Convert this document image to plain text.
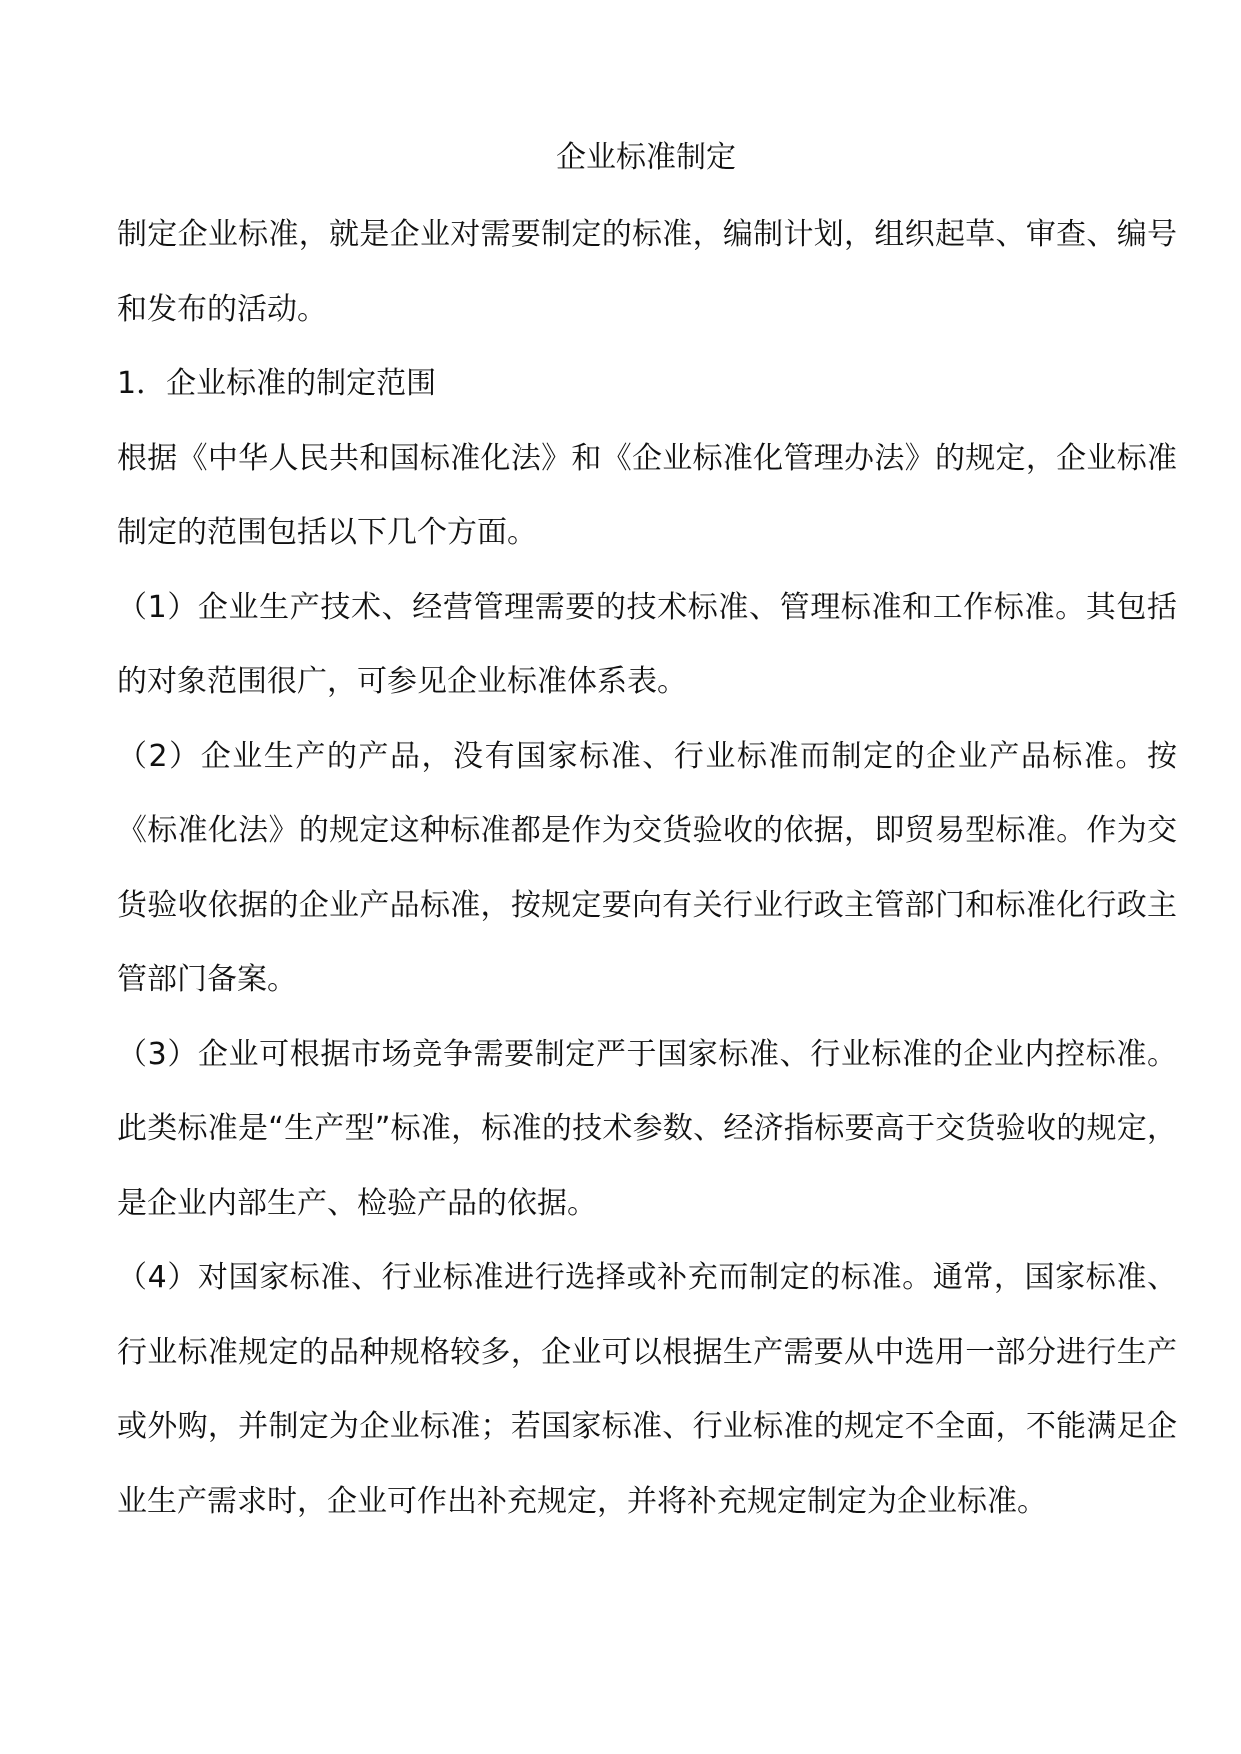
企业标准制定

制定企业标准，就是企业对需要制定的标准，编制计划，组织起草、审查、编号和发布的活动。

1．企业标准的制定范围

根据《中华人民共和国标准化法》和《企业标准化管理办法》的规定，企业标准制定的范围包括以下几个方面。

（1）企业生产技术、经营管理需要的技术标准、管理标准和工作标准。其包括的对象范围很广，可参见企业标准体系表。

（2）企业生产的产品，没有国家标准、行业标准而制定的企业产品标准。按《标准化法》的规定这种标准都是作为交货验收的依据，即贸易型标准。作为交货验收依据的企业产品标准，按规定要向有关行业行政主管部门和标准化行政主管部门备案。

（3）企业可根据市场竞争需要制定严于国家标准、行业标准的企业内控标准。此类标准是“生产型”标准，标准的技术参数、经济指标要高于交货验收的规定，是企业内部生产、检验产品的依据。

（4）对国家标准、行业标准进行选择或补充而制定的标准。通常，国家标准、行业标准规定的品种规格较多，企业可以根据生产需要从中选用一部分进行生产或外购，并制定为企业标准；若国家标准、行业标准的规定不全面，不能满足企业生产需求时，企业可作出补充规定，并将补充规定制定为企业标准。
